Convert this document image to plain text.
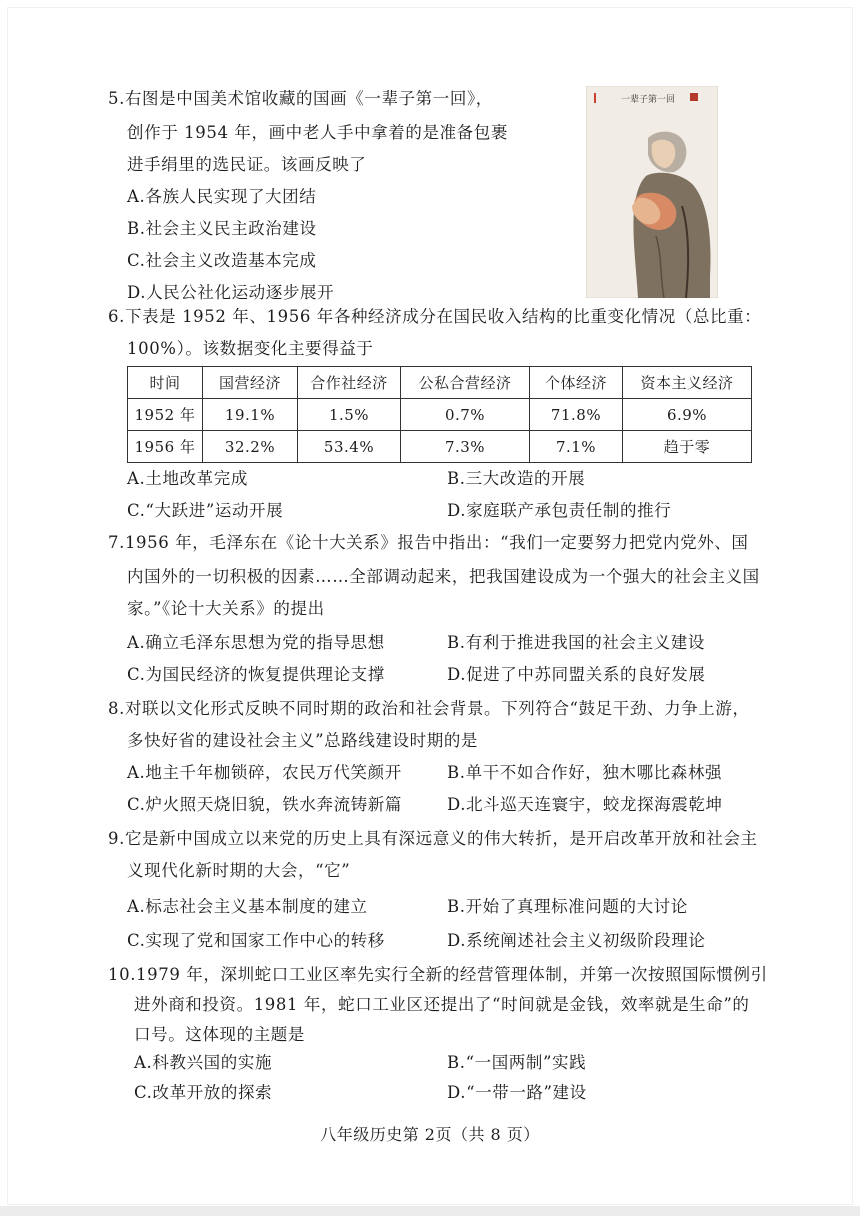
5.右图是中国美术馆收藏的国画《一辈子第一回》，
创作于 1954 年，画中老人手中拿着的是准备包裹
进手绢里的选民证。该画反映了
A.各族人民实现了大团结
B.社会主义民主政治建设
C.社会主义改造基本完成
D.人民公社化运动逐步展开
一辈子第一回
6.下表是 1952 年、1956 年各种经济成分在国民收入结构的比重变化情况（总比重：
100%）。该数据变化主要得益于
时间	国营经济	合作社经济	公私合营经济	个体经济	资本主义经济
1952 年	19.1%	1.5%	0.7%	71.8%	6.9%
1956 年	32.2%	53.4%	7.3%	7.1%	趋于零
A.土地改革完成	B.三大改造的开展
C.“大跃进”运动开展	D.家庭联产承包责任制的推行
7.1956 年，毛泽东在《论十大关系》报告中指出：“我们一定要努力把党内党外、国
内国外的一切积极的因素……全部调动起来，把我国建设成为一个强大的社会主义国
家。”《论十大关系》的提出
A.确立毛泽东思想为党的指导思想	B.有利于推进我国的社会主义建设
C.为国民经济的恢复提供理论支撑	D.促进了中苏同盟关系的良好发展
8.对联以文化形式反映不同时期的政治和社会背景。下列符合“鼓足干劲、力争上游，
多快好省的建设社会主义”总路线建设时期的是
A.地主千年枷锁碎，农民万代笑颜开	B.单干不如合作好，独木哪比森林强
C.炉火照天烧旧貌，铁水奔流铸新篇	D.北斗巡天连寰宇，蛟龙探海震乾坤
9.它是新中国成立以来党的历史上具有深远意义的伟大转折，是开启改革开放和社会主
义现代化新时期的大会，“它”
A.标志社会主义基本制度的建立	B.开始了真理标准问题的大讨论
C.实现了党和国家工作中心的转移	D.系统阐述社会主义初级阶段理论
10.1979 年，深圳蛇口工业区率先实行全新的经营管理体制，并第一次按照国际惯例引
进外商和投资。1981 年，蛇口工业区还提出了“时间就是金钱，效率就是生命”的
口号。这体现的主题是
A.科教兴国的实施	B.“一国两制”实践
C.改革开放的探索	D.“一带一路”建设
八年级历史第 2页（共 8 页）
